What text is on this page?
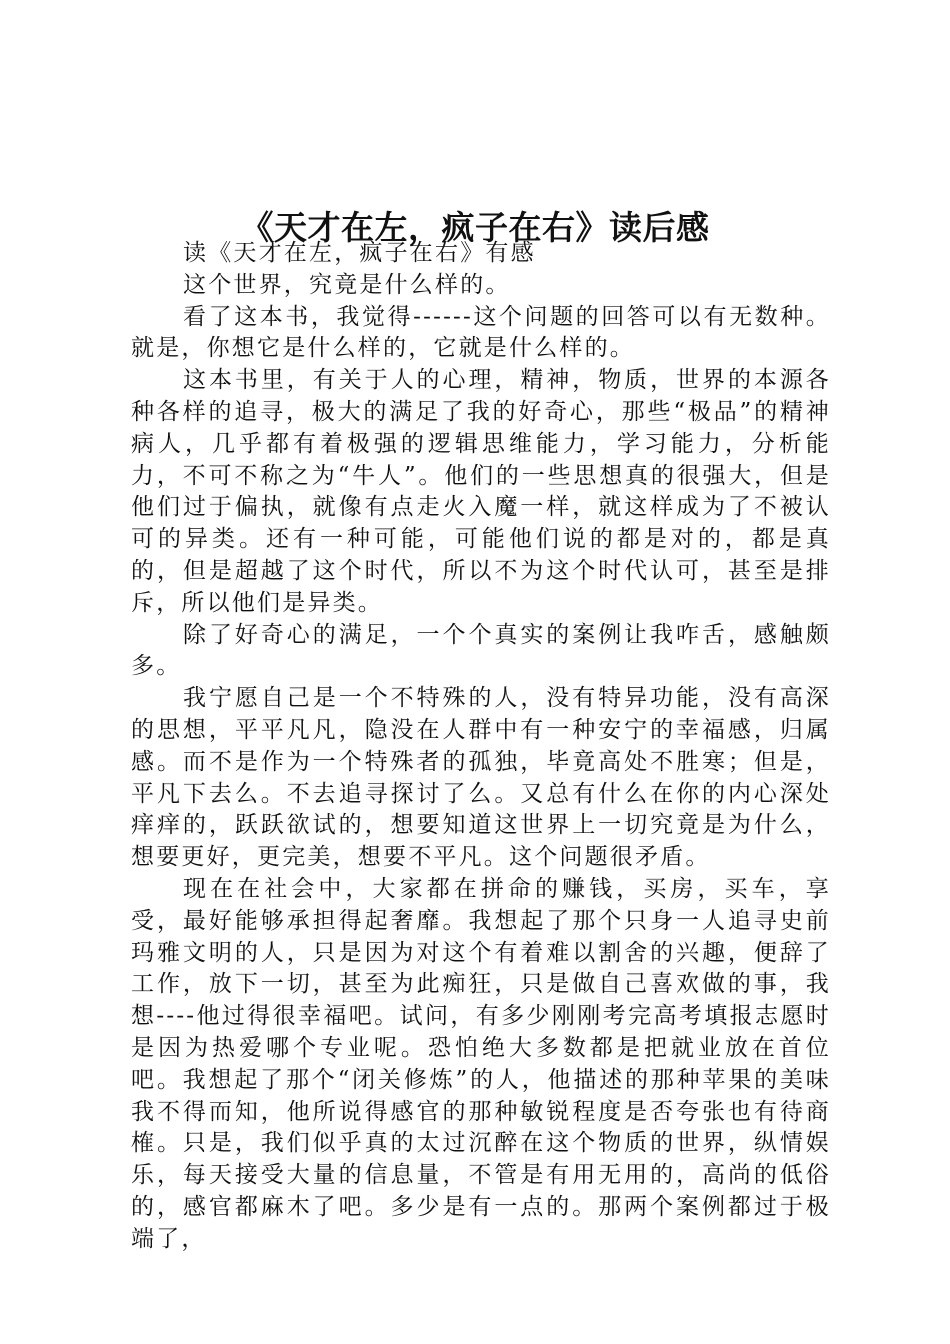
《天才在左，疯子在右》读后感

读《天才在左，疯子在右》有感

这个世界，究竟是什么样的。

看了这本书，我觉得------这个问题的回答可以有无数种。就是，你想它是什么样的，它就是什么样的。

这本书里，有关于人的心理，精神，物质，世界的本源各种各样的追寻，极大的满足了我的好奇心，那些“极品”的精神病人，几乎都有着极强的逻辑思维能力，学习能力，分析能力，不可不称之为“牛人”。他们的一些思想真的很强大，但是他们过于偏执，就像有点走火入魔一样，就这样成为了不被认可的异类。还有一种可能，可能他们说的都是对的，都是真的，但是超越了这个时代，所以不为这个时代认可，甚至是排斥，所以他们是异类。

除了好奇心的满足，一个个真实的案例让我咋舌，感触颇多。

我宁愿自己是一个不特殊的人，没有特异功能，没有高深的思想，平平凡凡，隐没在人群中有一种安宁的幸福感，归属感。而不是作为一个特殊者的孤独，毕竟高处不胜寒；但是，平凡下去么。不去追寻探讨了么。又总有什么在你的内心深处痒痒的，跃跃欲试的，想要知道这世界上一切究竟是为什么，想要更好，更完美，想要不平凡。这个问题很矛盾。

现在在社会中，大家都在拼命的赚钱，买房，买车，享受，最好能够承担得起奢靡。我想起了那个只身一人追寻史前玛雅文明的人，只是因为对这个有着难以割舍的兴趣，便辞了工作，放下一切，甚至为此痴狂，只是做自己喜欢做的事，我想----他过得很幸福吧。试问，有多少刚刚考完高考填报志愿时是因为热爱哪个专业呢。恐怕绝大多数都是把就业放在首位吧。我想起了那个“闭关修炼”的人，他描述的那种苹果的美味我不得而知，他所说得感官的那种敏锐程度是否夸张也有待商榷。只是，我们似乎真的太过沉醉在这个物质的世界，纵情娱乐，每天接受大量的信息量，不管是有用无用的，高尚的低俗的，感官都麻木了吧。多少是有一点的。那两个案例都过于极端了，
